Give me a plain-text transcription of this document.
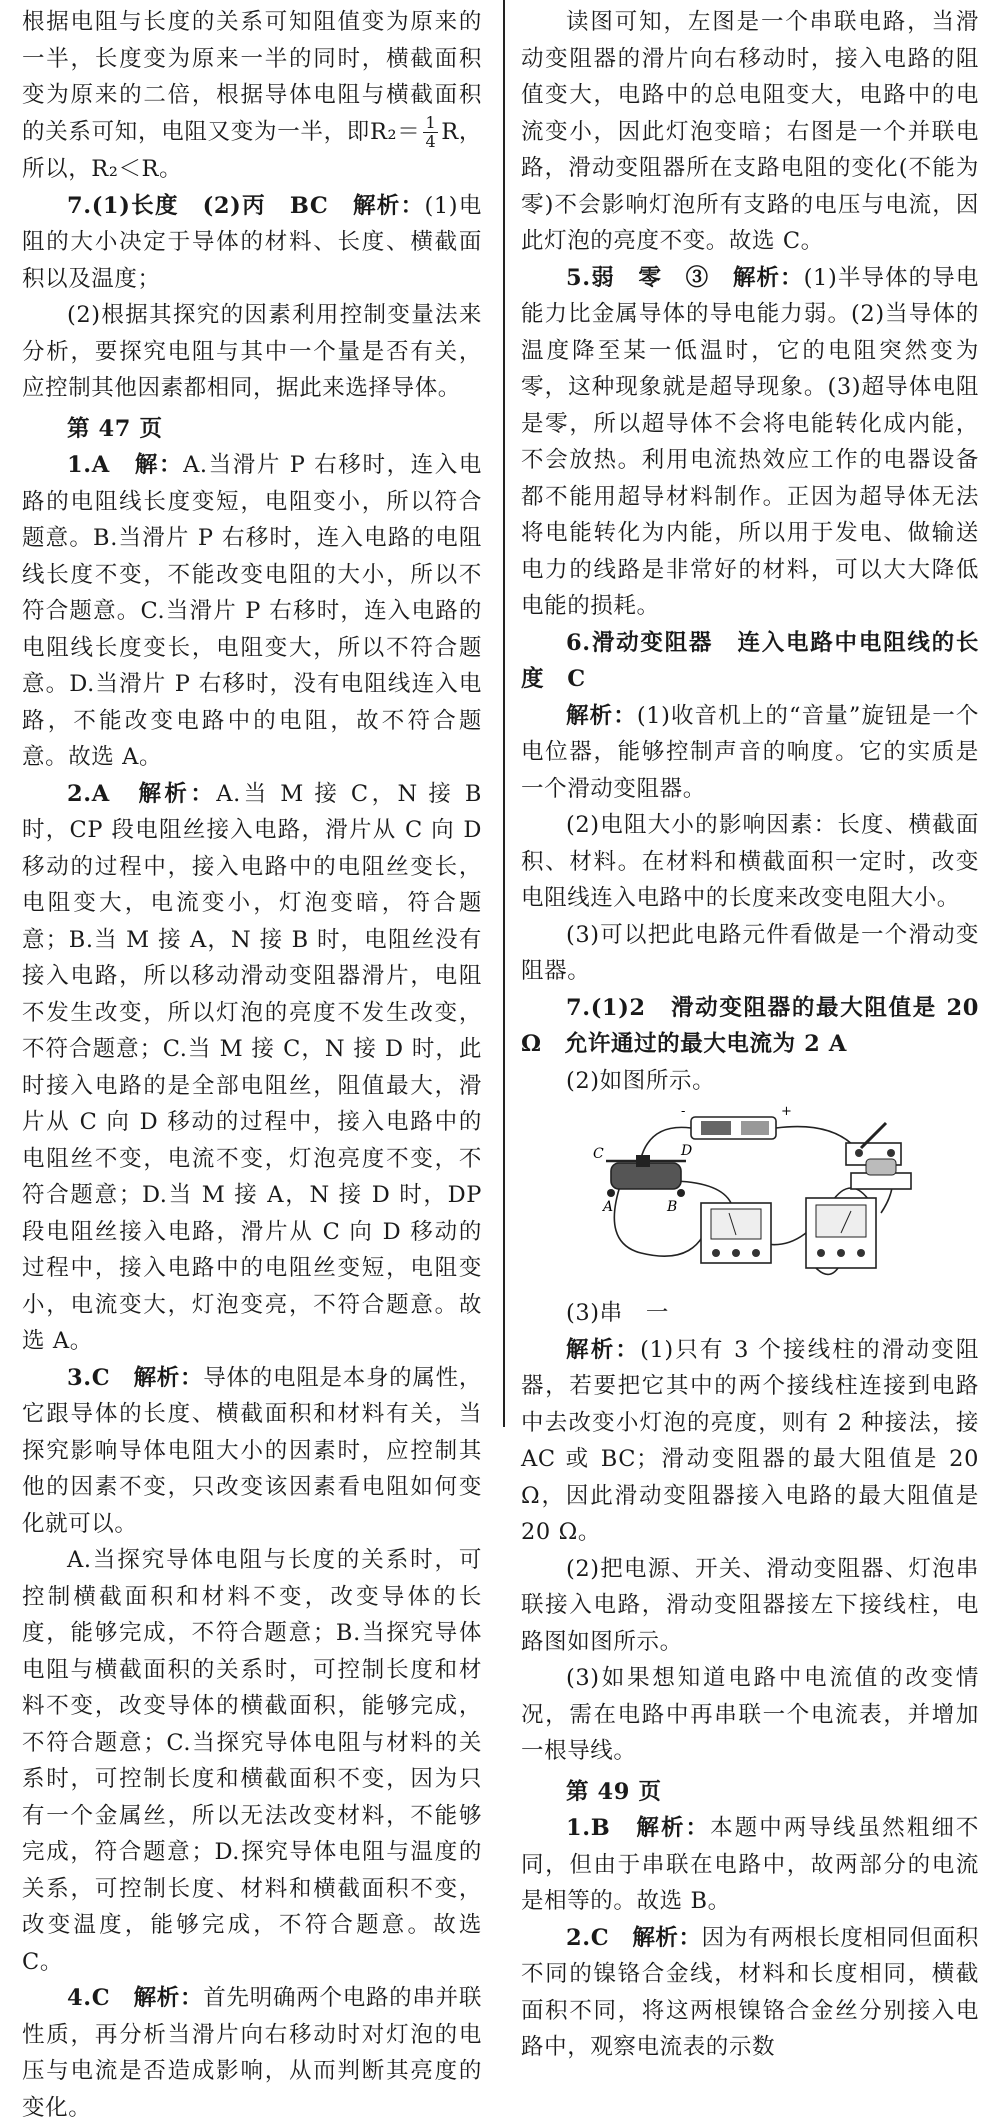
根据电阻与长度的关系可知阻值变为原来的一半，长度变为原来一半的同时，横截面积变为原来的二倍，根据导体电阻与横截面积的关系可知，电阻又变为一半，即$R_2= \frac{1}{4}$ R，所以，R₂＜R。

7.(1)长度　(2)丙　BC　解析：(1)电阻的大小决定于导体的材料、长度、横截面积以及温度；

(2)根据其探究的因素利用控制变量法来分析，要探究电阻与其中一个量是否有关，应控制其他因素都相同，据此来选择导体。

第 47 页

1.A　解：A.当滑片 P 右移时，连入电路的电阻线长度变短，电阻变小，所以符合题意。B.当滑片 P 右移时，连入电路的电阻线长度不变，不能改变电阻的大小，所以不符合题意。C.当滑片 P 右移时，连入电路的电阻线长度变长，电阻变大，所以不符合题意。D.当滑片 P 右移时，没有电阻线连入电路，不能改变电路中的电阻，故不符合题意。故选 A。

2.A　解析：A.当 M 接 C，N 接 B 时，CP 段电阻丝接入电路，滑片从 C 向 D 移动的过程中，接入电路中的电阻丝变长，电阻变大，电流变小，灯泡变暗，符合题意；B.当 M 接 A，N 接 B 时，电阻丝没有接入电路，所以移动滑动变阻器滑片，电阻不发生改变，所以灯泡的亮度不发生改变，不符合题意；C.当 M 接 C，N 接 D 时，此时接入电路的是全部电阻丝，阻值最大，滑片从 C 向 D 移动的过程中，接入电路中的电阻丝不变，电流不变，灯泡亮度不变，不符合题意；D.当 M 接 A，N 接 D 时，DP 段电阻丝接入电路，滑片从 C 向 D 移动的过程中，接入电路中的电阻丝变短，电阻变小，电流变大，灯泡变亮，不符合题意。故选 A。

3.C　解析：导体的电阻是本身的属性，它跟导体的长度、横截面积和材料有关，当探究影响导体电阻大小的因素时，应控制其他的因素不变，只改变该因素看电阻如何变化就可以。

A.当探究导体电阻与长度的关系时，可控制横截面积和材料不变，改变导体的长度，能够完成，不符合题意；B.当探究导体电阻与横截面积的关系时，可控制长度和材料不变，改变导体的横截面积，能够完成，不符合题意；C.当探究导体电阻与材料的关系时，可控制长度和横截面积不变，因为只有一个金属丝，所以无法改变材料，不能够完成，符合题意；D.探究导体电阻与温度的关系，可控制长度、材料和横截面积不变，改变温度，能够完成，不符合题意。故选 C。

4.C　解析：首先明确两个电路的串并联性质，再分析当滑片向右移动时对灯泡的电压与电流是否造成影响，从而判断其亮度的变化。

读图可知，左图是一个串联电路，当滑动变阻器的滑片向右移动时，接入电路的阻值变大，电路中的总电阻变大，电路中的电流变小，因此灯泡变暗；右图是一个并联电路，滑动变阻器所在支路电阻的变化(不能为零)不会影响灯泡所有支路的电压与电流，因此灯泡的亮度不变。故选 C。

5.弱　零　③　解析：(1)半导体的导电能力比金属导体的导电能力弱。(2)当导体的温度降至某一低温时，它的电阻突然变为零，这种现象就是超导现象。(3)超导体电阻是零，所以超导体不会将电能转化成内能，不会放热。利用电流热效应工作的电器设备都不能用超导材料制作。正因为超导体无法将电能转化为内能，所以用于发电、做输送电力的线路是非常好的材料，可以大大降低电能的损耗。

6.滑动变阻器　连入电路中电阻线的长度　C

解析：(1)收音机上的“音量”旋钮是一个电位器，能够控制声音的响度。它的实质是一个滑动变阻器。

(2)电阻大小的影响因素：长度、横截面积、材料。在材料和横截面积一定时，改变电阻线连入电路中的长度来改变电阻大小。

(3)可以把此电路元件看做是一个滑动变阻器。

7.(1)2　滑动变阻器的最大阻值是 20 Ω　允许通过的最大电流为 2 A

(2)如图所示。

-	+
C	D
A	B

(3)串　一

解析：(1)只有 3 个接线柱的滑动变阻器，若要把它其中的两个接线柱连接到电路中去改变小灯泡的亮度，则有 2 种接法，接 AC 或 BC；滑动变阻器的最大阻值是 20 Ω，因此滑动变阻器接入电路的最大阻值是 20 Ω。

(2)把电源、开关、滑动变阻器、灯泡串联接入电路，滑动变阻器接左下接线柱，电路图如图所示。

(3)如果想知道电路中电流值的改变情况，需在电路中再串联一个电流表，并增加一根导线。

第 49 页

1.B　解析：本题中两导线虽然粗细不同，但由于串联在电路中，故两部分的电流是相等的。故选 B。

2.C　解析：因为有两根长度相同但面积不同的镍铬合金线，材料和长度相同，横截面积不同，将这两根镍铬合金丝分别接入电路中，观察电流表的示数
